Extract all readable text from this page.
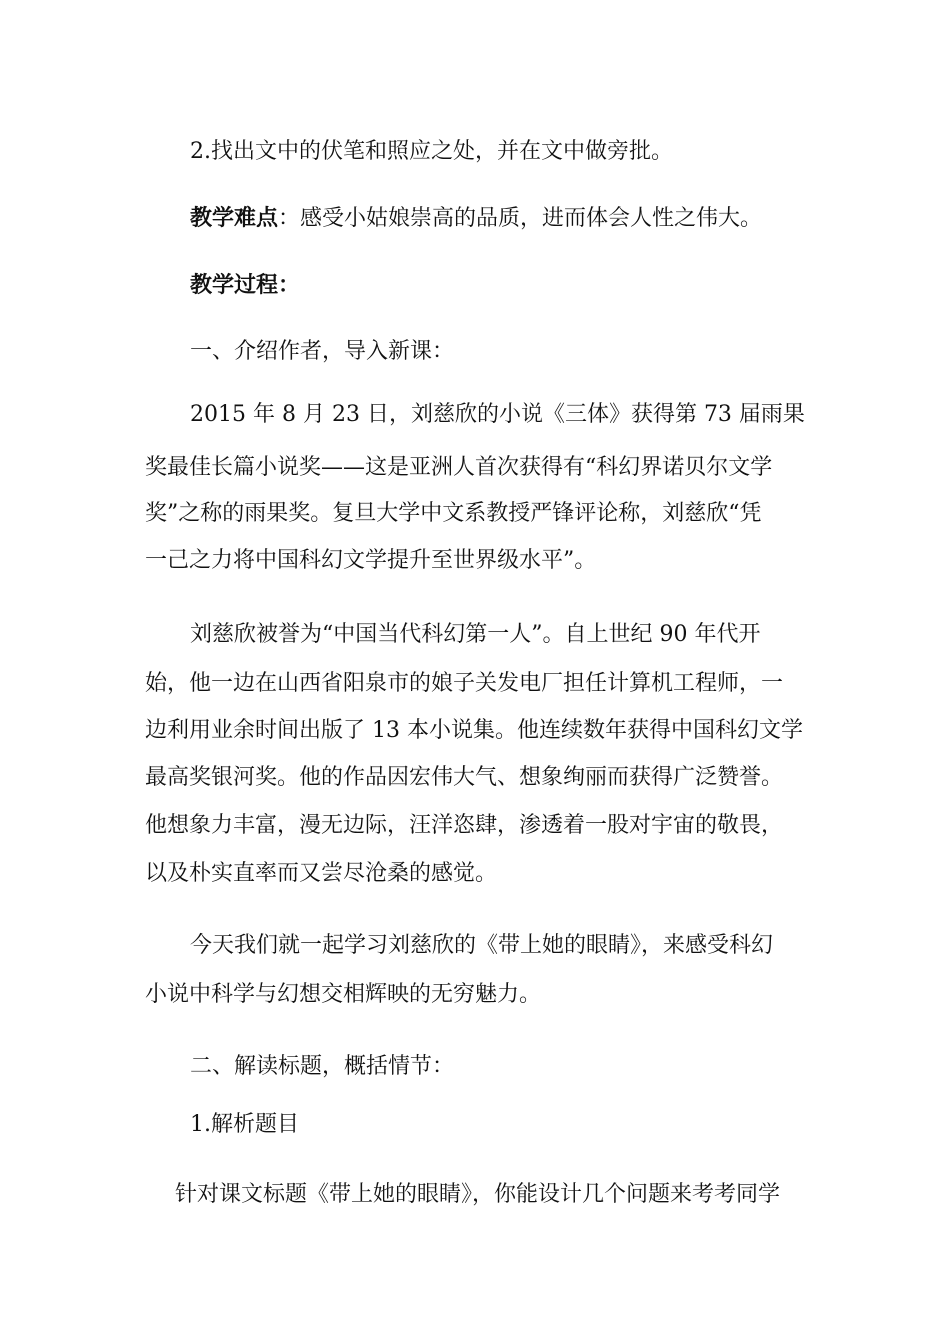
2.找出文中的伏笔和照应之处，并在文中做旁批。
教学难点：感受小姑娘崇高的品质，进而体会人性之伟大。
教学过程：
一、介绍作者，导入新课：
2015 年 8 月 23 日，刘慈欣的小说《三体》获得第 73 届雨果
奖最佳长篇小说奖——这是亚洲人首次获得有“科幻界诺贝尔文学
奖”之称的雨果奖。复旦大学中文系教授严锋评论称，刘慈欣“凭
一己之力将中国科幻文学提升至世界级水平”。
刘慈欣被誉为“中国当代科幻第一人”。自上世纪 90 年代开
始，他一边在山西省阳泉市的娘子关发电厂担任计算机工程师，一
边利用业余时间出版了 13 本小说集。他连续数年获得中国科幻文学
最高奖银河奖。他的作品因宏伟大气、想象绚丽而获得广泛赞誉。
他想象力丰富，漫无边际，汪洋恣肆，渗透着一股对宇宙的敬畏，
以及朴实直率而又尝尽沧桑的感觉。
今天我们就一起学习刘慈欣的《带上她的眼睛》，来感受科幻
小说中科学与幻想交相辉映的无穷魅力。
二、解读标题，概括情节：
1.解析题目
针对课文标题《带上她的眼睛》，你能设计几个问题来考考同学
